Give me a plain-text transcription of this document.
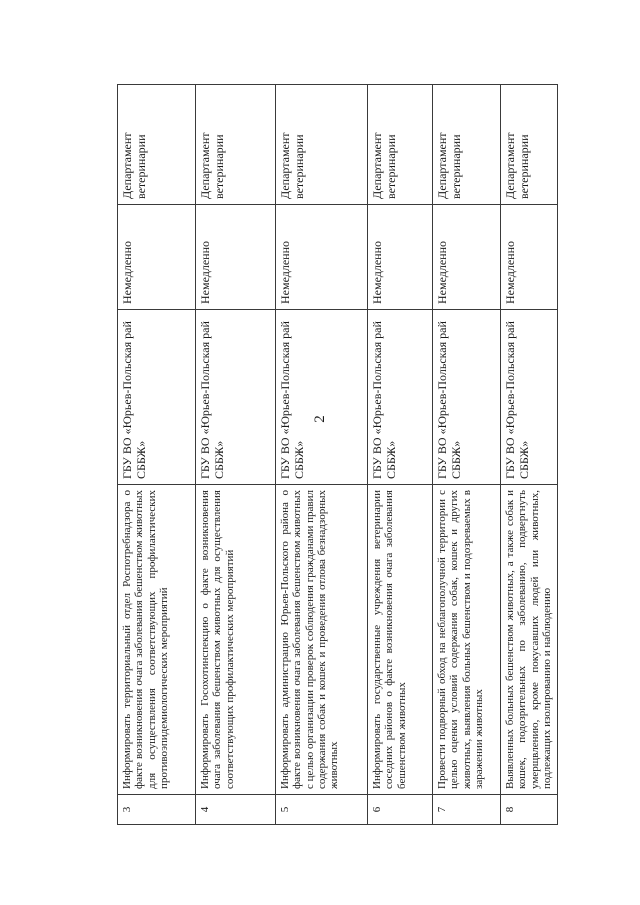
2
3	Информировать территориальный отдел Роспотребнадзора о факте возникновения очага заболевания бешенством животных для осуществления соответствующих профилактических противоэпидемиологических мероприятий	ГБУ ВО «Юрьев-Польская рай СББЖ»	Немедленно	Департамент ветеринарии
4	Информировать Госохотинспекцию о факте возникновения очага заболевания бешенством животных для осуществления соответствующих профилактических мероприятий	ГБУ ВО «Юрьев-Польская рай СББЖ»	Немедленно	Департамент ветеринарии
5	Информировать администрацию Юрьев-Польского района о факте возникновения очага заболевания бешенством животных с целью организации проверок соблюдения гражданами правил содержания собак и кошек и проведения отлова безнадзорных животных	ГБУ ВО «Юрьев-Польская рай СББЖ»	Немедленно	Департамент ветеринарии
6	Информировать государственные учреждения ветеринарии соседних районов о факте возникновения очага заболевания бешенством животных	ГБУ ВО «Юрьев-Польская рай СББЖ»	Немедленно	Департамент ветеринарии
7	Провести подворный обход на неблагополучной территории с целью оценки условий содержания собак, кошек и других животных, выявления больных бешенством и подозреваемых в заражении животных	ГБУ ВО «Юрьев-Польская рай СББЖ»	Немедленно	Департамент ветеринарии
8	Выявленных больных бешенством животных, а также собак и кошек, подозрительных по заболеванию, подвергнуть умерщвлению, кроме покусавших людей или животных, подлежащих изолированию и наблюдению	ГБУ ВО «Юрьев-Польская рай СББЖ»	Немедленно	Департамент ветеринарии
